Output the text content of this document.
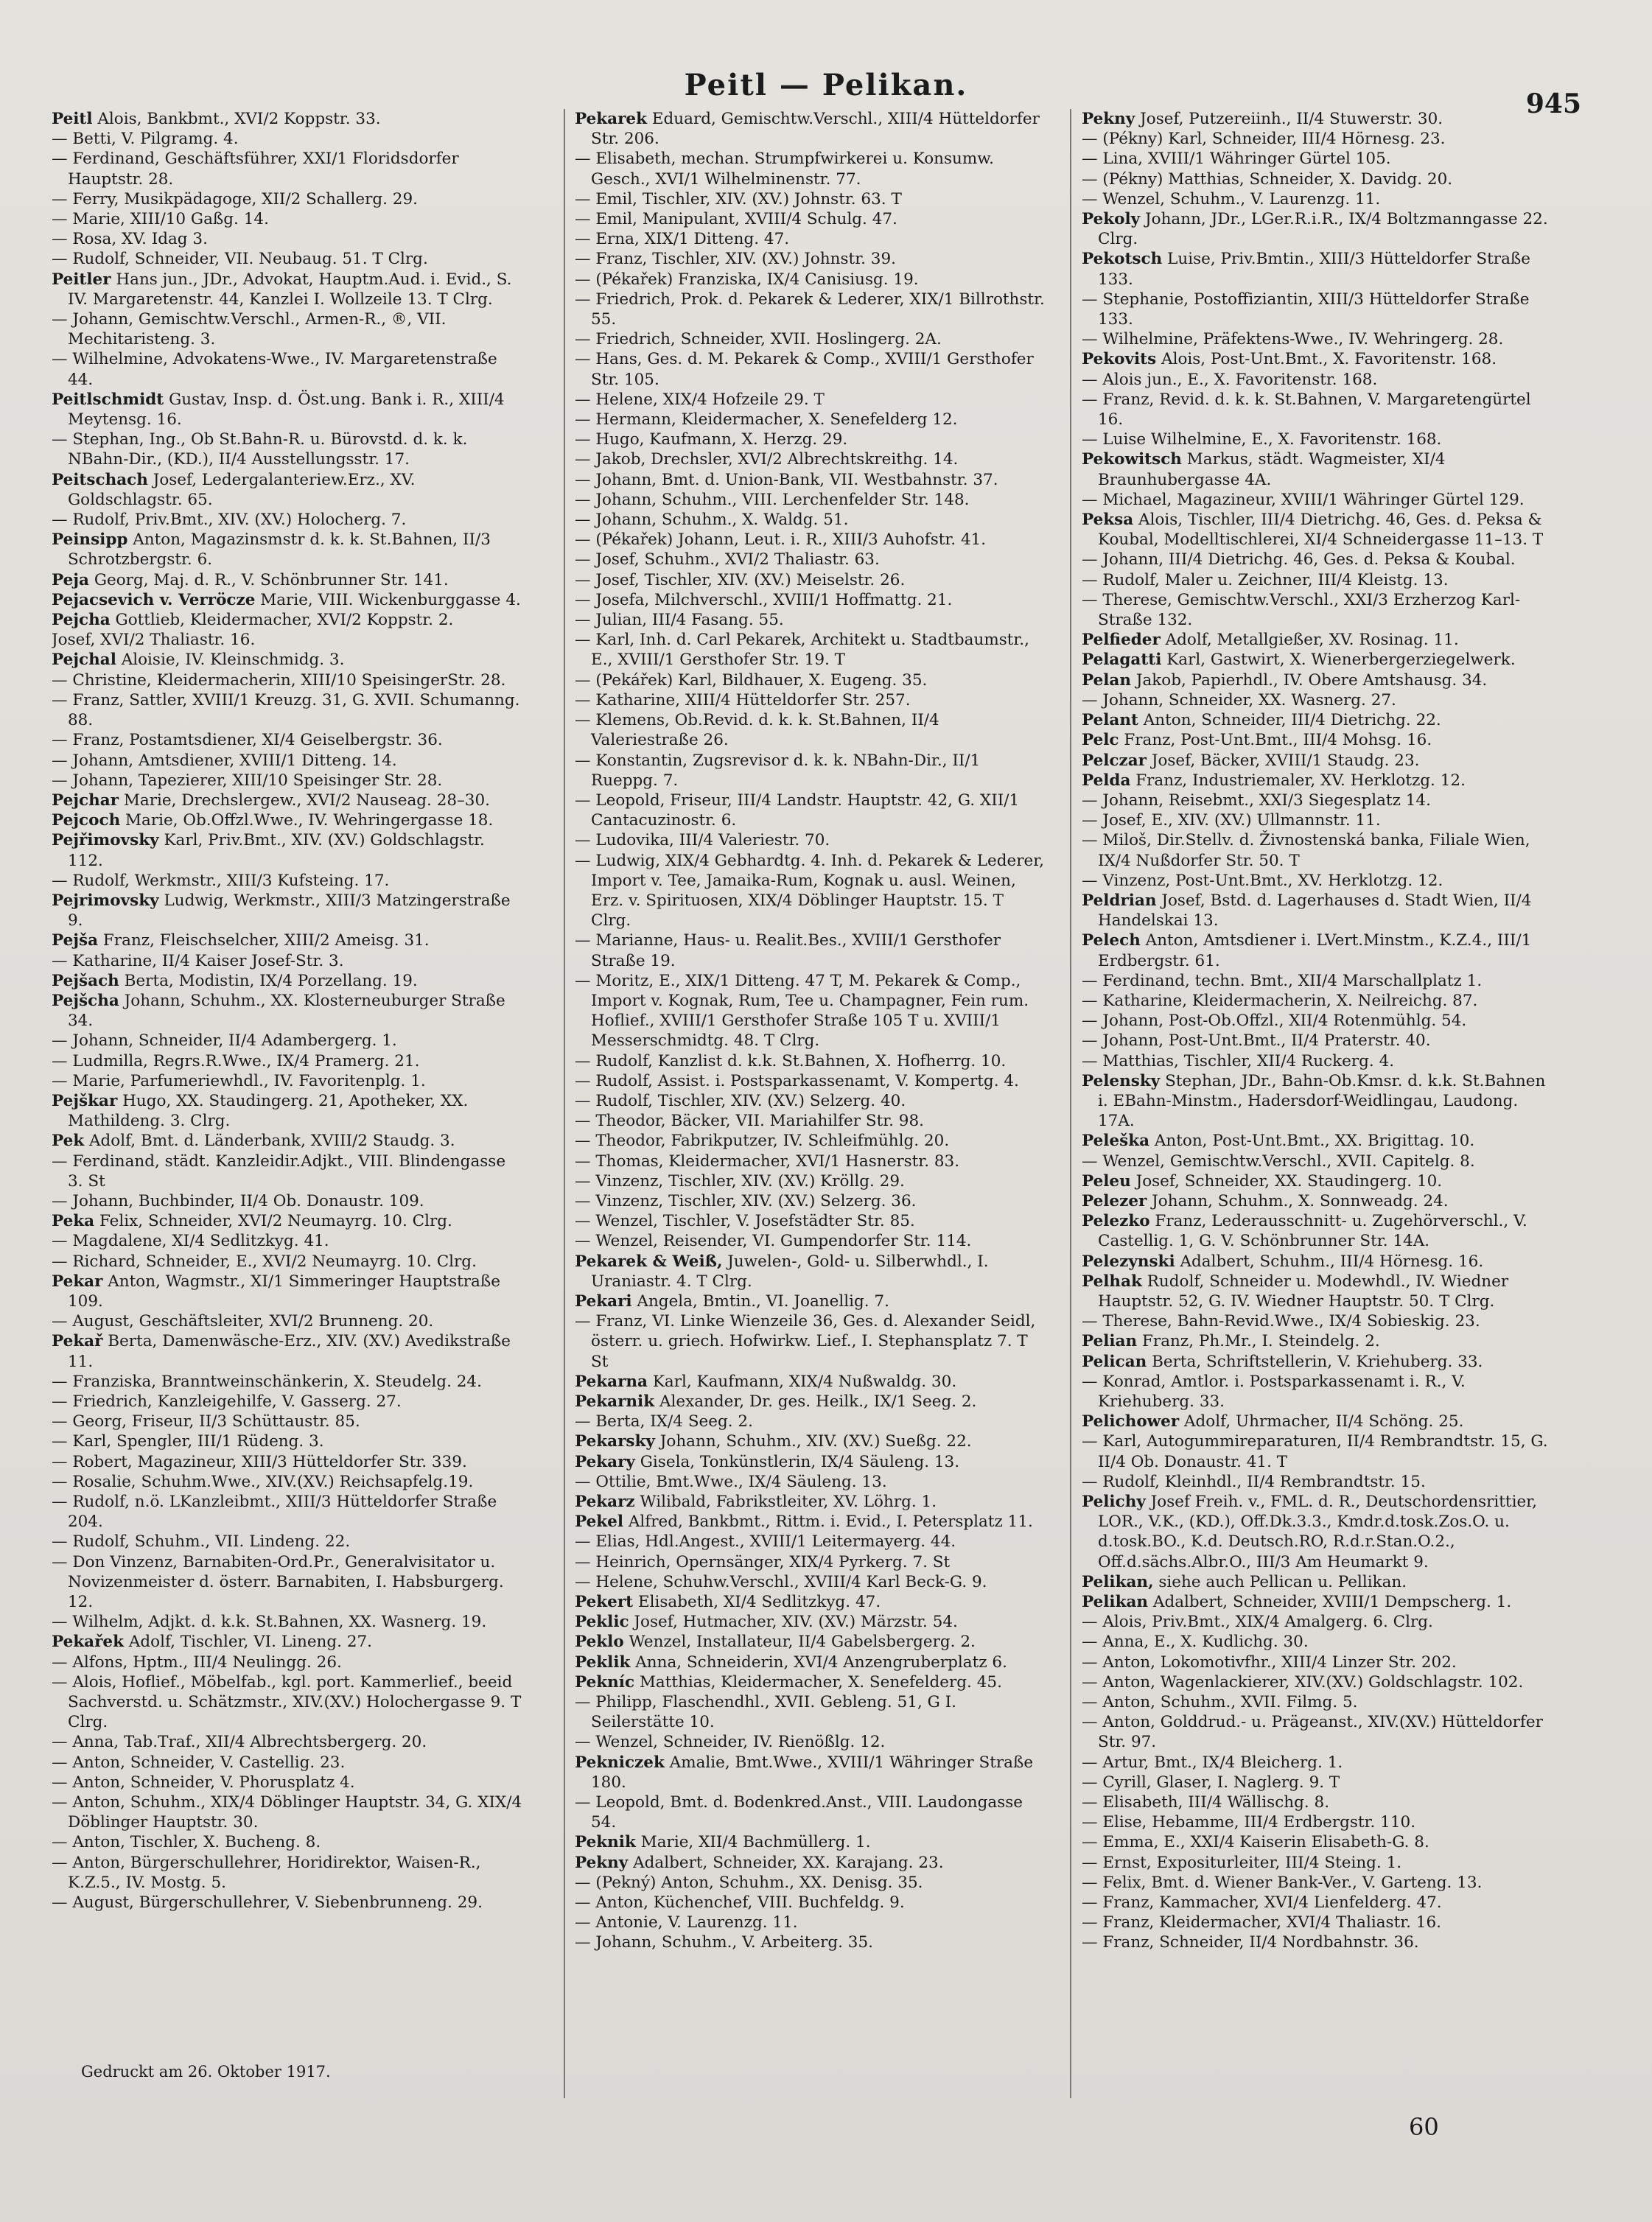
Peitl — Pelikan.
945

Peitl Alois, Bankbmt., XVI/2 Koppstr. 33.

— Betti, V. Pilgramg. 4.

— Ferdinand, Geschäftsführer, XXI/1 Floridsdorfer Hauptstr. 28.

— Ferry, Musikpädagoge, XII/2 Schallerg. 29.

— Marie, XIII/10 Gaßg. 14.

— Rosa, XV. Idag 3.

— Rudolf, Schneider, VII. Neubaug. 51. T Clrg.

Peitler Hans jun., JDr., Advokat, Hauptm.Aud. i. Evid., S. IV. Margaretenstr. 44, Kanzlei I. Wollzeile 13. T Clrg.

— Johann, Gemischtw.Verschl., Armen-R., ®, VII. Mechitaristeng. 3.

— Wilhelmine, Advokatens-Wwe., IV. Margaretenstraße 44.

Peitlschmidt Gustav, Insp. d. Öst.ung. Bank i. R., XIII/4 Meytensg. 16.

— Stephan, Ing., Ob St.Bahn-R. u. Bürovstd. d. k. k. NBahn-Dir., (KD.), II/4 Ausstellungsstr. 17.

Peitschach Josef, Ledergalanteriew.Erz., XV. Goldschlagstr. 65.

— Rudolf, Priv.Bmt., XIV. (XV.) Holocherg. 7.

Peinsipp Anton, Magazinsmstr d. k. k. St.Bahnen, II/3 Schrotzbergstr. 6.

Peja Georg, Maj. d. R., V. Schönbrunner Str. 141.

Pejacsevich v. Verröcze Marie, VIII. Wickenburggasse 4.

Pejcha Gottlieb, Kleidermacher, XVI/2 Koppstr. 2.

Josef, XVI/2 Thaliastr. 16.

Pejchal Aloisie, IV. Kleinschmidg. 3.

— Christine, Kleidermacherin, XIII/10 SpeisingerStr. 28.

— Franz, Sattler, XVIII/1 Kreuzg. 31, G. XVII. Schumanng. 88.

— Franz, Postamtsdiener, XI/4 Geiselbergstr. 36.

— Johann, Amtsdiener, XVIII/1 Ditteng. 14.

— Johann, Tapezierer, XIII/10 Speisinger Str. 28.

Pejchar Marie, Drechslergew., XVI/2 Nauseag. 28–30.

Pejcoch Marie, Ob.Offzl.Wwe., IV. Wehringergasse 18.

Pejřimovsky Karl, Priv.Bmt., XIV. (XV.) Goldschlagstr. 112.

— Rudolf, Werkmstr., XIII/3 Kufsteing. 17.

Pejrimovsky Ludwig, Werkmstr., XIII/3 Matzingerstraße 9.

Pejša Franz, Fleischselcher, XIII/2 Ameisg. 31.

— Katharine, II/4 Kaiser Josef-Str. 3.

Pejšach Berta, Modistin, IX/4 Porzellang. 19.

Pejšcha Johann, Schuhm., XX. Klosterneuburger Straße 34.

— Johann, Schneider, II/4 Adambergerg. 1.

— Ludmilla, Regrs.R.Wwe., IX/4 Pramerg. 21.

— Marie, Parfumeriewhdl., IV. Favoritenplg. 1.

Pejškar Hugo, XX. Staudingerg. 21, Apotheker, XX. Mathildeng. 3. Clrg.

Pek Adolf, Bmt. d. Länderbank, XVIII/2 Staudg. 3.

— Ferdinand, städt. Kanzleidir.Adjkt., VIII. Blindengasse 3. St

— Johann, Buchbinder, II/4 Ob. Donaustr. 109.

Peka Felix, Schneider, XVI/2 Neumayrg. 10. Clrg.

— Magdalene, XI/4 Sedlitzkyg. 41.

— Richard, Schneider, E., XVI/2 Neumayrg. 10. Clrg.

Pekar Anton, Wagmstr., XI/1 Simmeringer Hauptstraße 109.

— August, Geschäftsleiter, XVI/2 Brunneng. 20.

Pekař Berta, Damenwäsche-Erz., XIV. (XV.) Avedikstraße 11.

— Franziska, Branntweinschänkerin, X. Steudelg. 24.

— Friedrich, Kanzleigehilfe, V. Gasserg. 27.

— Georg, Friseur, II/3 Schüttaustr. 85.

— Karl, Spengler, III/1 Rüdeng. 3.

— Robert, Magazineur, XIII/3 Hütteldorfer Str. 339.

— Rosalie, Schuhm.Wwe., XIV.(XV.) Reichsapfelg.19.

— Rudolf, n.ö. LKanzleibmt., XIII/3 Hütteldorfer Straße 204.

— Rudolf, Schuhm., VII. Lindeng. 22.

— Don Vinzenz, Barnabiten-Ord.Pr., Generalvisitator u. Novizenmeister d. österr. Barnabiten, I. Habsburgerg. 12.

— Wilhelm, Adjkt. d. k.k. St.Bahnen, XX. Wasnerg. 19.

Pekařek Adolf, Tischler, VI. Lineng. 27.

— Alfons, Hptm., III/4 Neulingg. 26.

— Alois, Hoflief., Möbelfab., kgl. port. Kammerlief., beeid Sachverstd. u. Schätzmstr., XIV.(XV.) Holochergasse 9. T Clrg.

— Anna, Tab.Traf., XII/4 Albrechtsbergerg. 20.

— Anton, Schneider, V. Castellig. 23.

— Anton, Schneider, V. Phorusplatz 4.

— Anton, Schuhm., XIX/4 Döblinger Hauptstr. 34, G. XIX/4 Döblinger Hauptstr. 30.

— Anton, Tischler, X. Bucheng. 8.

— Anton, Bürgerschullehrer, Horidirektor, Waisen-R., K.Z.5., IV. Mostg. 5.

— August, Bürgerschullehrer, V. Siebenbrunneng. 29.

Pekarek Eduard, Gemischtw.Verschl., XIII/4 Hütteldorfer Str. 206.

— Elisabeth, mechan. Strumpfwirkerei u. Konsumw. Gesch., XVI/1 Wilhelminenstr. 77.

— Emil, Tischler, XIV. (XV.) Johnstr. 63. T

— Emil, Manipulant, XVIII/4 Schulg. 47.

— Erna, XIX/1 Ditteng. 47.

— Franz, Tischler, XIV. (XV.) Johnstr. 39.

— (Pékařek) Franziska, IX/4 Canisiusg. 19.

— Friedrich, Prok. d. Pekarek & Lederer, XIX/1 Billrothstr. 55.

— Friedrich, Schneider, XVII. Hoslingerg. 2A.

— Hans, Ges. d. M. Pekarek & Comp., XVIII/1 Gersthofer Str. 105.

— Helene, XIX/4 Hofzeile 29. T

— Hermann, Kleidermacher, X. Senefelderg 12.

— Hugo, Kaufmann, X. Herzg. 29.

— Jakob, Drechsler, XVI/2 Albrechtskreithg. 14.

— Johann, Bmt. d. Union-Bank, VII. Westbahnstr. 37.

— Johann, Schuhm., VIII. Lerchenfelder Str. 148.

— Johann, Schuhm., X. Waldg. 51.

— (Pékařek) Johann, Leut. i. R., XIII/3 Auhofstr. 41.

— Josef, Schuhm., XVI/2 Thaliastr. 63.

— Josef, Tischler, XIV. (XV.) Meiselstr. 26.

— Josefa, Milchverschl., XVIII/1 Hoffmattg. 21.

— Julian, III/4 Fasang. 55.

— Karl, Inh. d. Carl Pekarek, Architekt u. Stadtbaumstr., E., XVIII/1 Gersthofer Str. 19. T

— (Pekářek) Karl, Bildhauer, X. Eugeng. 35.

— Katharine, XIII/4 Hütteldorfer Str. 257.

— Klemens, Ob.Revid. d. k. k. St.Bahnen, II/4 Valeriestraße 26.

— Konstantin, Zugsrevisor d. k. k. NBahn-Dir., II/1 Rueppg. 7.

— Leopold, Friseur, III/4 Landstr. Hauptstr. 42, G. XII/1 Cantacuzinostr. 6.

— Ludovika, III/4 Valeriestr. 70.

— Ludwig, XIX/4 Gebhardtg. 4. Inh. d. Pekarek & Lederer, Import v. Tee, Jamaika-Rum, Kognak u. ausl. Weinen, Erz. v. Spirituosen, XIX/4 Döblinger Hauptstr. 15. T Clrg.

— Marianne, Haus- u. Realit.Bes., XVIII/1 Gersthofer Straße 19.

— Moritz, E., XIX/1 Ditteng. 47 T, M. Pekarek & Comp., Import v. Kognak, Rum, Tee u. Champagner, Fein rum. Hoflief., XVIII/1 Gersthofer Straße 105 T u. XVIII/1 Messerschmidtg. 48. T Clrg.

— Rudolf, Kanzlist d. k.k. St.Bahnen, X. Hofherrg. 10.

— Rudolf, Assist. i. Postsparkassenamt, V. Kompertg. 4.

— Rudolf, Tischler, XIV. (XV.) Selzerg. 40.

— Theodor, Bäcker, VII. Mariahilfer Str. 98.

— Theodor, Fabrikputzer, IV. Schleifmühlg. 20.

— Thomas, Kleidermacher, XVI/1 Hasnerstr. 83.

— Vinzenz, Tischler, XIV. (XV.) Kröllg. 29.

— Vinzenz, Tischler, XIV. (XV.) Selzerg. 36.

— Wenzel, Tischler, V. Josefstädter Str. 85.

— Wenzel, Reisender, VI. Gumpendorfer Str. 114.

Pekarek & Weiß, Juwelen-, Gold- u. Silberwhdl., I. Uraniastr. 4. T Clrg.

Pekari Angela, Bmtin., VI. Joanellig. 7.

— Franz, VI. Linke Wienzeile 36, Ges. d. Alexander Seidl, österr. u. griech. Hofwirkw. Lief., I. Stephansplatz 7. T St

Pekarna Karl, Kaufmann, XIX/4 Nußwaldg. 30.

Pekarnik Alexander, Dr. ges. Heilk., IX/1 Seeg. 2.

— Berta, IX/4 Seeg. 2.

Pekarsky Johann, Schuhm., XIV. (XV.) Sueßg. 22.

Pekary Gisela, Tonkünstlerin, IX/4 Säuleng. 13.

— Ottilie, Bmt.Wwe., IX/4 Säuleng. 13.

Pekarz Wilibald, Fabrikstleiter, XV. Löhrg. 1.

Pekel Alfred, Bankbmt., Rittm. i. Evid., I. Petersplatz 11.

— Elias, Hdl.Angest., XVIII/1 Leitermayerg. 44.

— Heinrich, Opernsänger, XIX/4 Pyrkerg. 7. St

— Helene, Schuhw.Verschl., XVIII/4 Karl Beck-G. 9.

Pekert Elisabeth, XI/4 Sedlitzkyg. 47.

Peklic Josef, Hutmacher, XIV. (XV.) Märzstr. 54.

Peklo Wenzel, Installateur, II/4 Gabelsbergerg. 2.

Peklik Anna, Schneiderin, XVI/4 Anzengruberplatz 6.

Pekníc Matthias, Kleidermacher, X. Senefelderg. 45.

— Philipp, Flaschendhl., XVII. Gebleng. 51, G I. Seilerstätte 10.

— Wenzel, Schneider, IV. Rienößlg. 12.

Pekniczek Amalie, Bmt.Wwe., XVIII/1 Währinger Straße 180.

— Leopold, Bmt. d. Bodenkred.Anst., VIII. Laudongasse 54.

Peknik Marie, XII/4 Bachmüllerg. 1.

Pekny Adalbert, Schneider, XX. Karajang. 23.

— (Pekný) Anton, Schuhm., XX. Denisg. 35.

— Anton, Küchenchef, VIII. Buchfeldg. 9.

— Antonie, V. Laurenzg. 11.

— Johann, Schuhm., V. Arbeiterg. 35.

Pekny Josef, Putzereiinh., II/4 Stuwerstr. 30.

— (Pékny) Karl, Schneider, III/4 Hörnesg. 23.

— Lina, XVIII/1 Währinger Gürtel 105.

— (Pékny) Matthias, Schneider, X. Davidg. 20.

— Wenzel, Schuhm., V. Laurenzg. 11.

Pekoly Johann, JDr., LGer.R.i.R., IX/4 Boltzmanngasse 22. Clrg.

Pekotsch Luise, Priv.Bmtin., XIII/3 Hütteldorfer Straße 133.

— Stephanie, Postoffiziantin, XIII/3 Hütteldorfer Straße 133.

— Wilhelmine, Präfektens-Wwe., IV. Wehringerg. 28.

Pekovits Alois, Post-Unt.Bmt., X. Favoritenstr. 168.

— Alois jun., E., X. Favoritenstr. 168.

— Franz, Revid. d. k. k. St.Bahnen, V. Margaretengürtel 16.

— Luise Wilhelmine, E., X. Favoritenstr. 168.

Pekowitsch Markus, städt. Wagmeister, XI/4 Braunhubergasse 4A.

— Michael, Magazineur, XVIII/1 Währinger Gürtel 129.

Peksa Alois, Tischler, III/4 Dietrichg. 46, Ges. d. Peksa & Koubal, Modelltischlerei, XI/4 Schneidergasse 11–13. T

— Johann, III/4 Dietrichg. 46, Ges. d. Peksa & Koubal.

— Rudolf, Maler u. Zeichner, III/4 Kleistg. 13.

— Therese, Gemischtw.Verschl., XXI/3 Erzherzog Karl-Straße 132.

Pelfieder Adolf, Metallgießer, XV. Rosinag. 11.

Pelagatti Karl, Gastwirt, X. Wienerbergerziegelwerk.

Pelan Jakob, Papierhdl., IV. Obere Amtshausg. 34.

— Johann, Schneider, XX. Wasnerg. 27.

Pelant Anton, Schneider, III/4 Dietrichg. 22.

Pelc Franz, Post-Unt.Bmt., III/4 Mohsg. 16.

Pelczar Josef, Bäcker, XVIII/1 Staudg. 23.

Pelda Franz, Industriemaler, XV. Herklotzg. 12.

— Johann, Reisebmt., XXI/3 Siegesplatz 14.

— Josef, E., XIV. (XV.) Ullmannstr. 11.

— Miloš, Dir.Stellv. d. Živnostenská banka, Filiale Wien, IX/4 Nußdorfer Str. 50. T

— Vinzenz, Post-Unt.Bmt., XV. Herklotzg. 12.

Peldrian Josef, Bstd. d. Lagerhauses d. Stadt Wien, II/4 Handelskai 13.

Pelech Anton, Amtsdiener i. LVert.Minstm., K.Z.4., III/1 Erdbergstr. 61.

— Ferdinand, techn. Bmt., XII/4 Marschallplatz 1.

— Katharine, Kleidermacherin, X. Neilreichg. 87.

— Johann, Post-Ob.Offzl., XII/4 Rotenmühlg. 54.

— Johann, Post-Unt.Bmt., II/4 Praterstr. 40.

— Matthias, Tischler, XII/4 Ruckerg. 4.

Pelensky Stephan, JDr., Bahn-Ob.Kmsr. d. k.k. St.Bahnen i. EBahn-Minstm., Hadersdorf-Weidlingau, Laudong. 17A.

Peleška Anton, Post-Unt.Bmt., XX. Brigittag. 10.

— Wenzel, Gemischtw.Verschl., XVII. Capitelg. 8.

Peleu Josef, Schneider, XX. Staudingerg. 10.

Pelezer Johann, Schuhm., X. Sonnweadg. 24.

Pelezko Franz, Lederausschnitt- u. Zugehörverschl., V. Castellig. 1, G. V. Schönbrunner Str. 14A.

Pelezynski Adalbert, Schuhm., III/4 Hörnesg. 16.

Pelhak Rudolf, Schneider u. Modewhdl., IV. Wiedner Hauptstr. 52, G. IV. Wiedner Hauptstr. 50. T Clrg.

— Therese, Bahn-Revid.Wwe., IX/4 Sobieskig. 23.

Pelian Franz, Ph.Mr., I. Steindelg. 2.

Pelican Berta, Schriftstellerin, V. Kriehuberg. 33.

— Konrad, Amtlor. i. Postsparkassenamt i. R., V. Kriehuberg. 33.

Pelichower Adolf, Uhrmacher, II/4 Schöng. 25.

— Karl, Autogummireparaturen, II/4 Rembrandtstr. 15, G. II/4 Ob. Donaustr. 41. T

— Rudolf, Kleinhdl., II/4 Rembrandtstr. 15.

Pelichy Josef Freih. v., FML. d. R., Deutschordensrittier, LOR., V.K., (KD.), Off.Dk.3.3., Kmdr.d.tosk.Zos.O. u. d.tosk.BO., K.d. Deutsch.RO, R.d.r.Stan.O.2., Off.d.sächs.Albr.O., III/3 Am Heumarkt 9.

Pelikan, siehe auch Pellican u. Pellikan.

Pelikan Adalbert, Schneider, XVIII/1 Dempscherg. 1.

— Alois, Priv.Bmt., XIX/4 Amalgerg. 6. Clrg.

— Anna, E., X. Kudlichg. 30.

— Anton, Lokomotivfhr., XIII/4 Linzer Str. 202.

— Anton, Wagenlackierer, XIV.(XV.) Goldschlagstr. 102.

— Anton, Schuhm., XVII. Filmg. 5.

— Anton, Golddrud.- u. Prägeanst., XIV.(XV.) Hütteldorfer Str. 97.

— Artur, Bmt., IX/4 Bleicherg. 1.

— Cyrill, Glaser, I. Naglerg. 9. T

— Elisabeth, III/4 Wällischg. 8.

— Elise, Hebamme, III/4 Erdbergstr. 110.

— Emma, E., XXI/4 Kaiserin Elisabeth-G. 8.

— Ernst, Expositurleiter, III/4 Steing. 1.

— Felix, Bmt. d. Wiener Bank-Ver., V. Garteng. 13.

— Franz, Kammacher, XVI/4 Lienfelderg. 47.

— Franz, Kleidermacher, XVI/4 Thaliastr. 16.

— Franz, Schneider, II/4 Nordbahnstr. 36.

Gedruckt am 26. Oktober 1917.
60
